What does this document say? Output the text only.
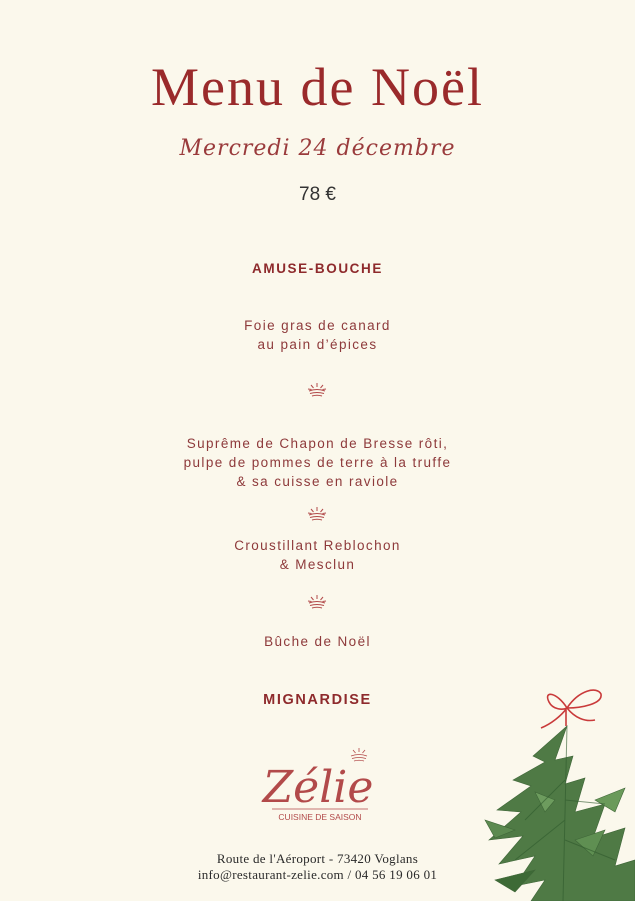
Menu de Noël
Mercredi 24 décembre
78 €
AMUSE-BOUCHE
Foie gras de canard
au pain d’épices
Suprême de Chapon de Bresse rôti,
pulpe de pommes de terre à la truffe
& sa cuisse en raviole
Croustillant Reblochon
& Mesclun
Bûche de Noël
MIGNARDISE
Zélie
CUISINE DE SAISON
Route de l'Aéroport - 73420 Voglans
info@restaurant-zelie.com / 04 56 19 06 01
